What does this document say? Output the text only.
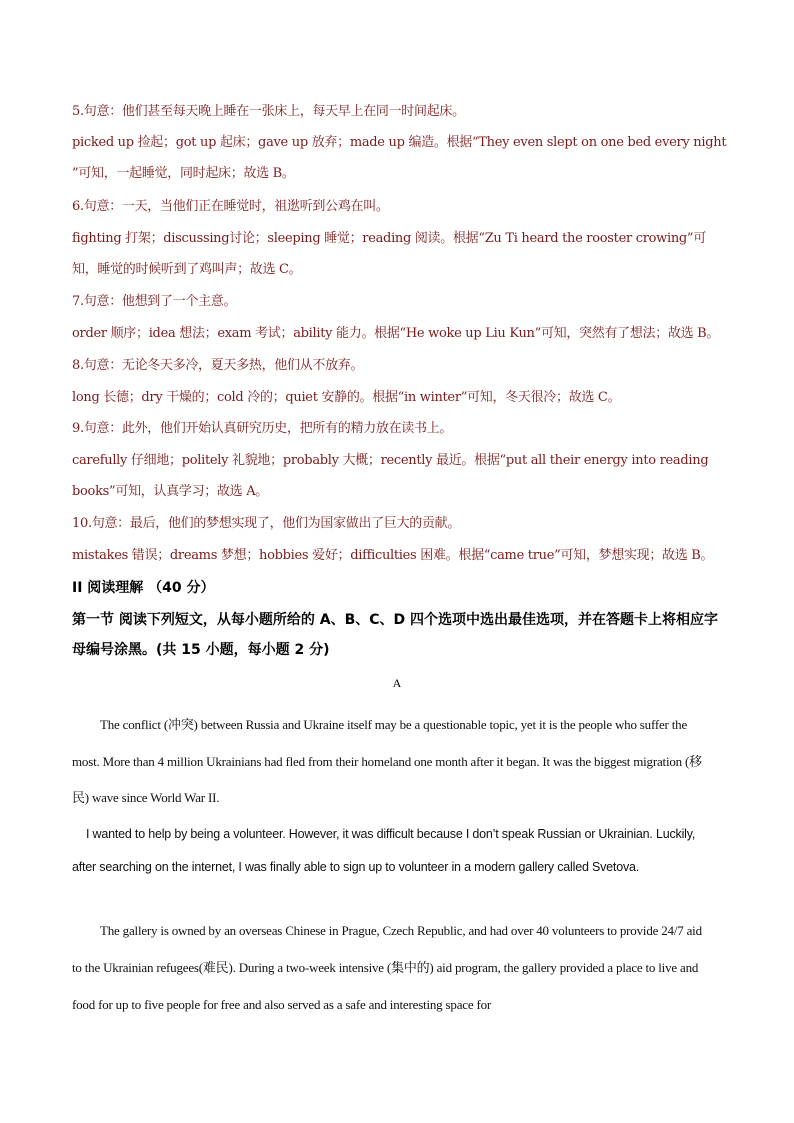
5.句意：他们甚至每天晚上睡在一张床上，每天早上在同一时间起床。
picked up 捡起；got up 起床；gave up 放弃；made up 编造。根据“They even slept on one bed every night ”可知，一起睡觉，同时起床；故选 B。
6.句意：一天，当他们正在睡觉时，祖逖听到公鸡在叫。
fighting 打架；discussing讨论；sleeping 睡觉；reading 阅读。根据“Zu Ti heard the rooster crowing”可知，睡觉的时候听到了鸡叫声；故选 C。
7.句意：他想到了一个主意。
order 顺序；idea 想法；exam 考试；ability 能力。根据“He woke up Liu Kun”可知，突然有了想法；故选 B。
8.句意：无论冬天多冷，夏天多热，他们从不放弃。
long 长德；dry 干燥的；cold 冷的；quiet 安静的。根据“in winter”可知，冬天很冷；故选 C。
9.句意：此外，他们开始认真研究历史，把所有的精力放在读书上。
carefully 仔细地；politely 礼貌地；probably 大概；recently 最近。根据“put all their energy into reading books”可知，认真学习；故选 A。
10.句意：最后，他们的梦想实现了，他们为国家做出了巨大的贡献。
mistakes 错误；dreams 梦想；hobbies 爱好；difficulties 困难。根据“came true”可知，梦想实现；故选 B。
II 阅读理解 （40 分）
第一节 阅读下列短文，从每小题所给的 A、B、C、D 四个选项中选出最佳选项，并在答题卡上将相应字母编号涂黑。(共 15 小题，每小题 2 分)
A
The conflict (冲突) between Russia and Ukraine itself may be a questionable topic, yet it is the people who suffer the most. More than 4 million Ukrainians had fled from their homeland one month after it began. It was the biggest migration (移民) wave since World War II.
I wanted to help by being a volunteer. However, it was difficult because I don’t speak Russian or Ukrainian. Luckily, after searching on the internet, I was finally able to sign up to volunteer in a modern gallery called Svetova.
The gallery is owned by an overseas Chinese in Prague, Czech Republic, and had over 40 volunteers to provide 24/7 aid to the Ukrainian refugees(难民). During a two-week intensive (集中的) aid program, the gallery provided a place to live and food for up to five people for free and also served as a safe and interesting space for
